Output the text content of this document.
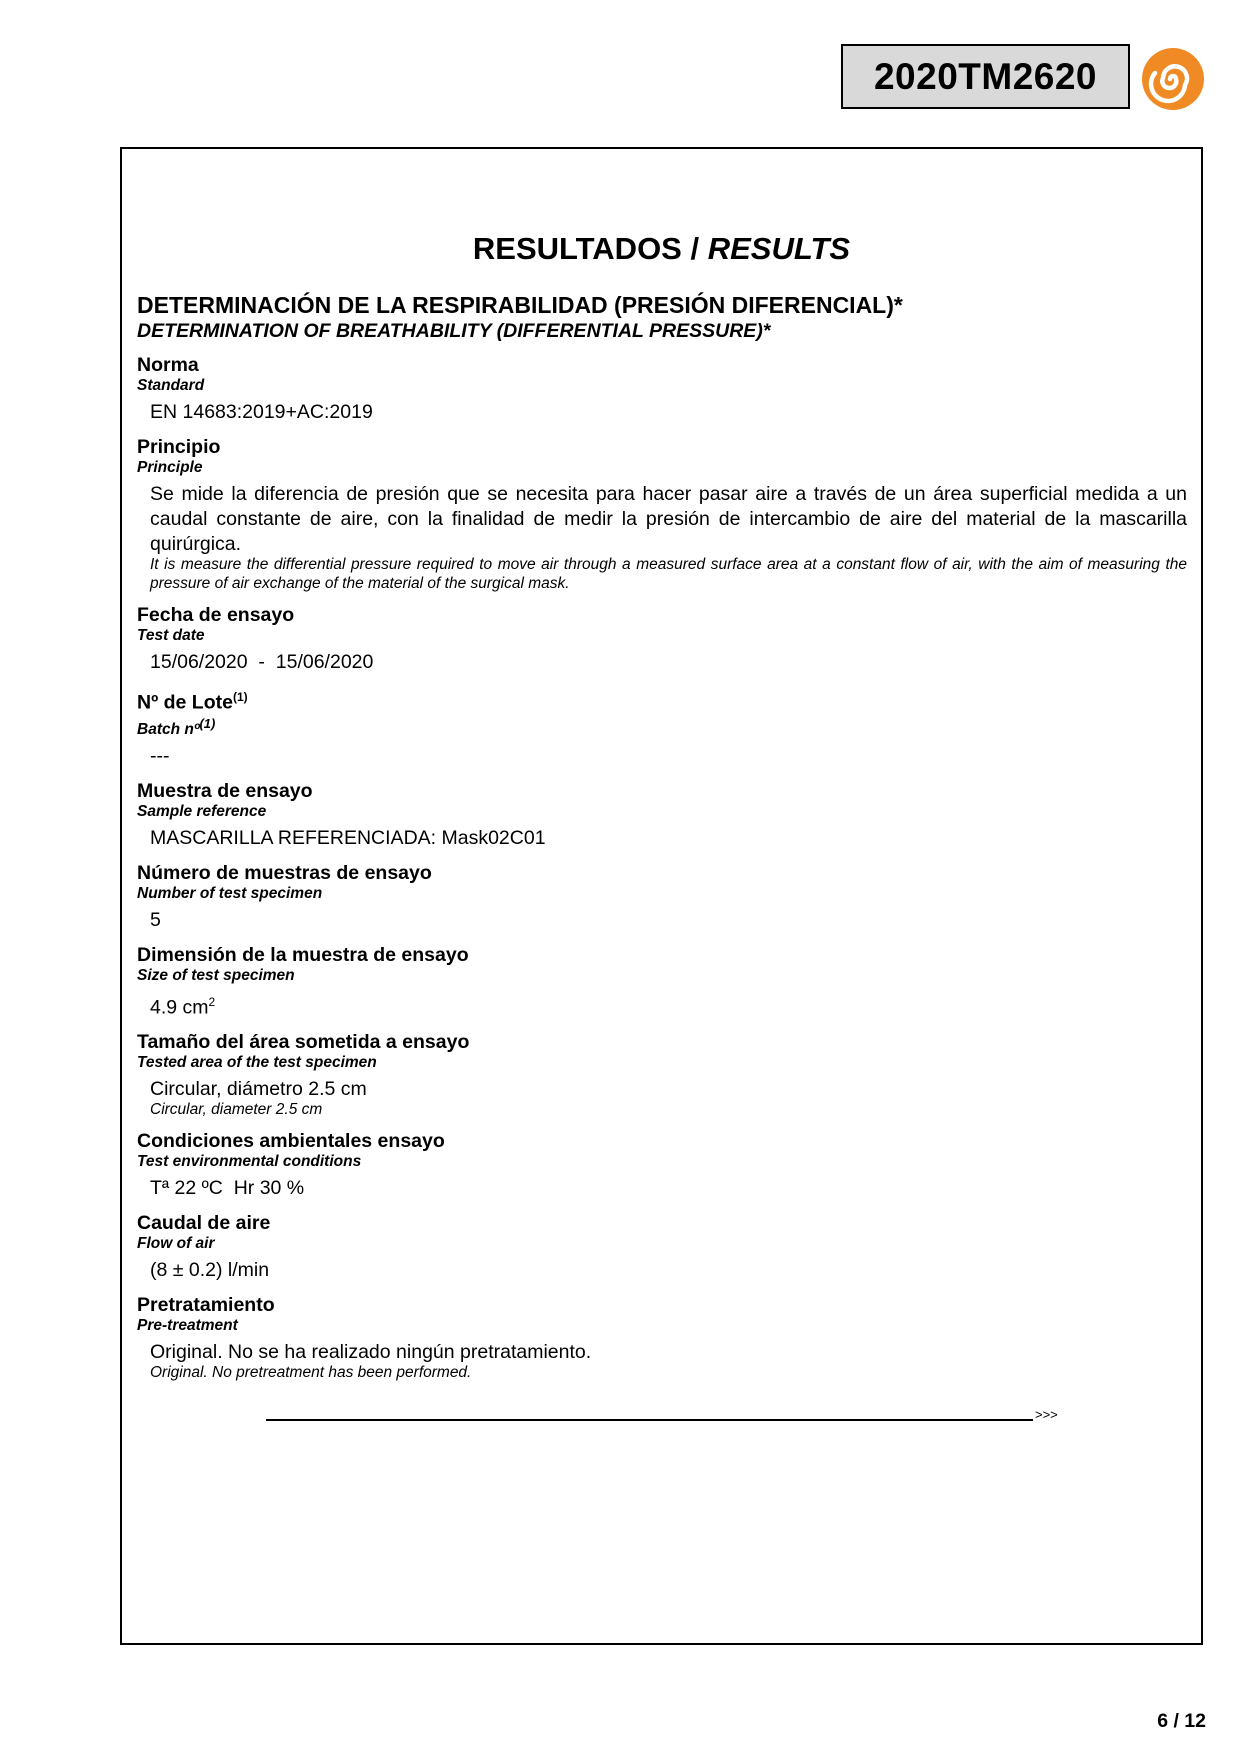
2020TM2620
RESULTADOS / RESULTS
DETERMINACIÓN DE LA RESPIRABILIDAD (PRESIÓN DIFERENCIAL)*
DETERMINATION OF BREATHABILITY (DIFFERENTIAL PRESSURE)*
Norma
Standard
EN 14683:2019+AC:2019
Principio
Principle
Se mide la diferencia de presión que se necesita para hacer pasar aire a través de un área superficial medida a un caudal constante de aire, con la finalidad de medir la presión de intercambio de aire del material de la mascarilla quirúrgica.
It is measure the differential pressure required to move air through a measured surface area at a constant flow of air, with the aim of measuring the pressure of air exchange of the material of the surgical mask.
Fecha de ensayo
Test date
15/06/2020  -  15/06/2020
Nº de Lote$^{(1)}$
Batch nº$^{(1)}$
---
Muestra de ensayo
Sample reference
MASCARILLA REFERENCIADA: Mask02C01
Número de muestras de ensayo
Number of test specimen
5
Dimensión de la muestra de ensayo
Size of test specimen
4.9 $cm^2$
Tamaño del área sometida a ensayo
Tested area of the test specimen
Circular, diámetro 2.5 cm
Circular, diameter 2.5 cm
Condiciones ambientales ensayo
Test environmental conditions
Tª 22 ºC  Hr 30 %
Caudal de aire
Flow of air
(8 ± 0.2) l/min
Pretratamiento
Pre-treatment
Original. No se ha realizado ningún pretratamiento.
Original. No pretreatment has been performed.
>>>
6 / 12
